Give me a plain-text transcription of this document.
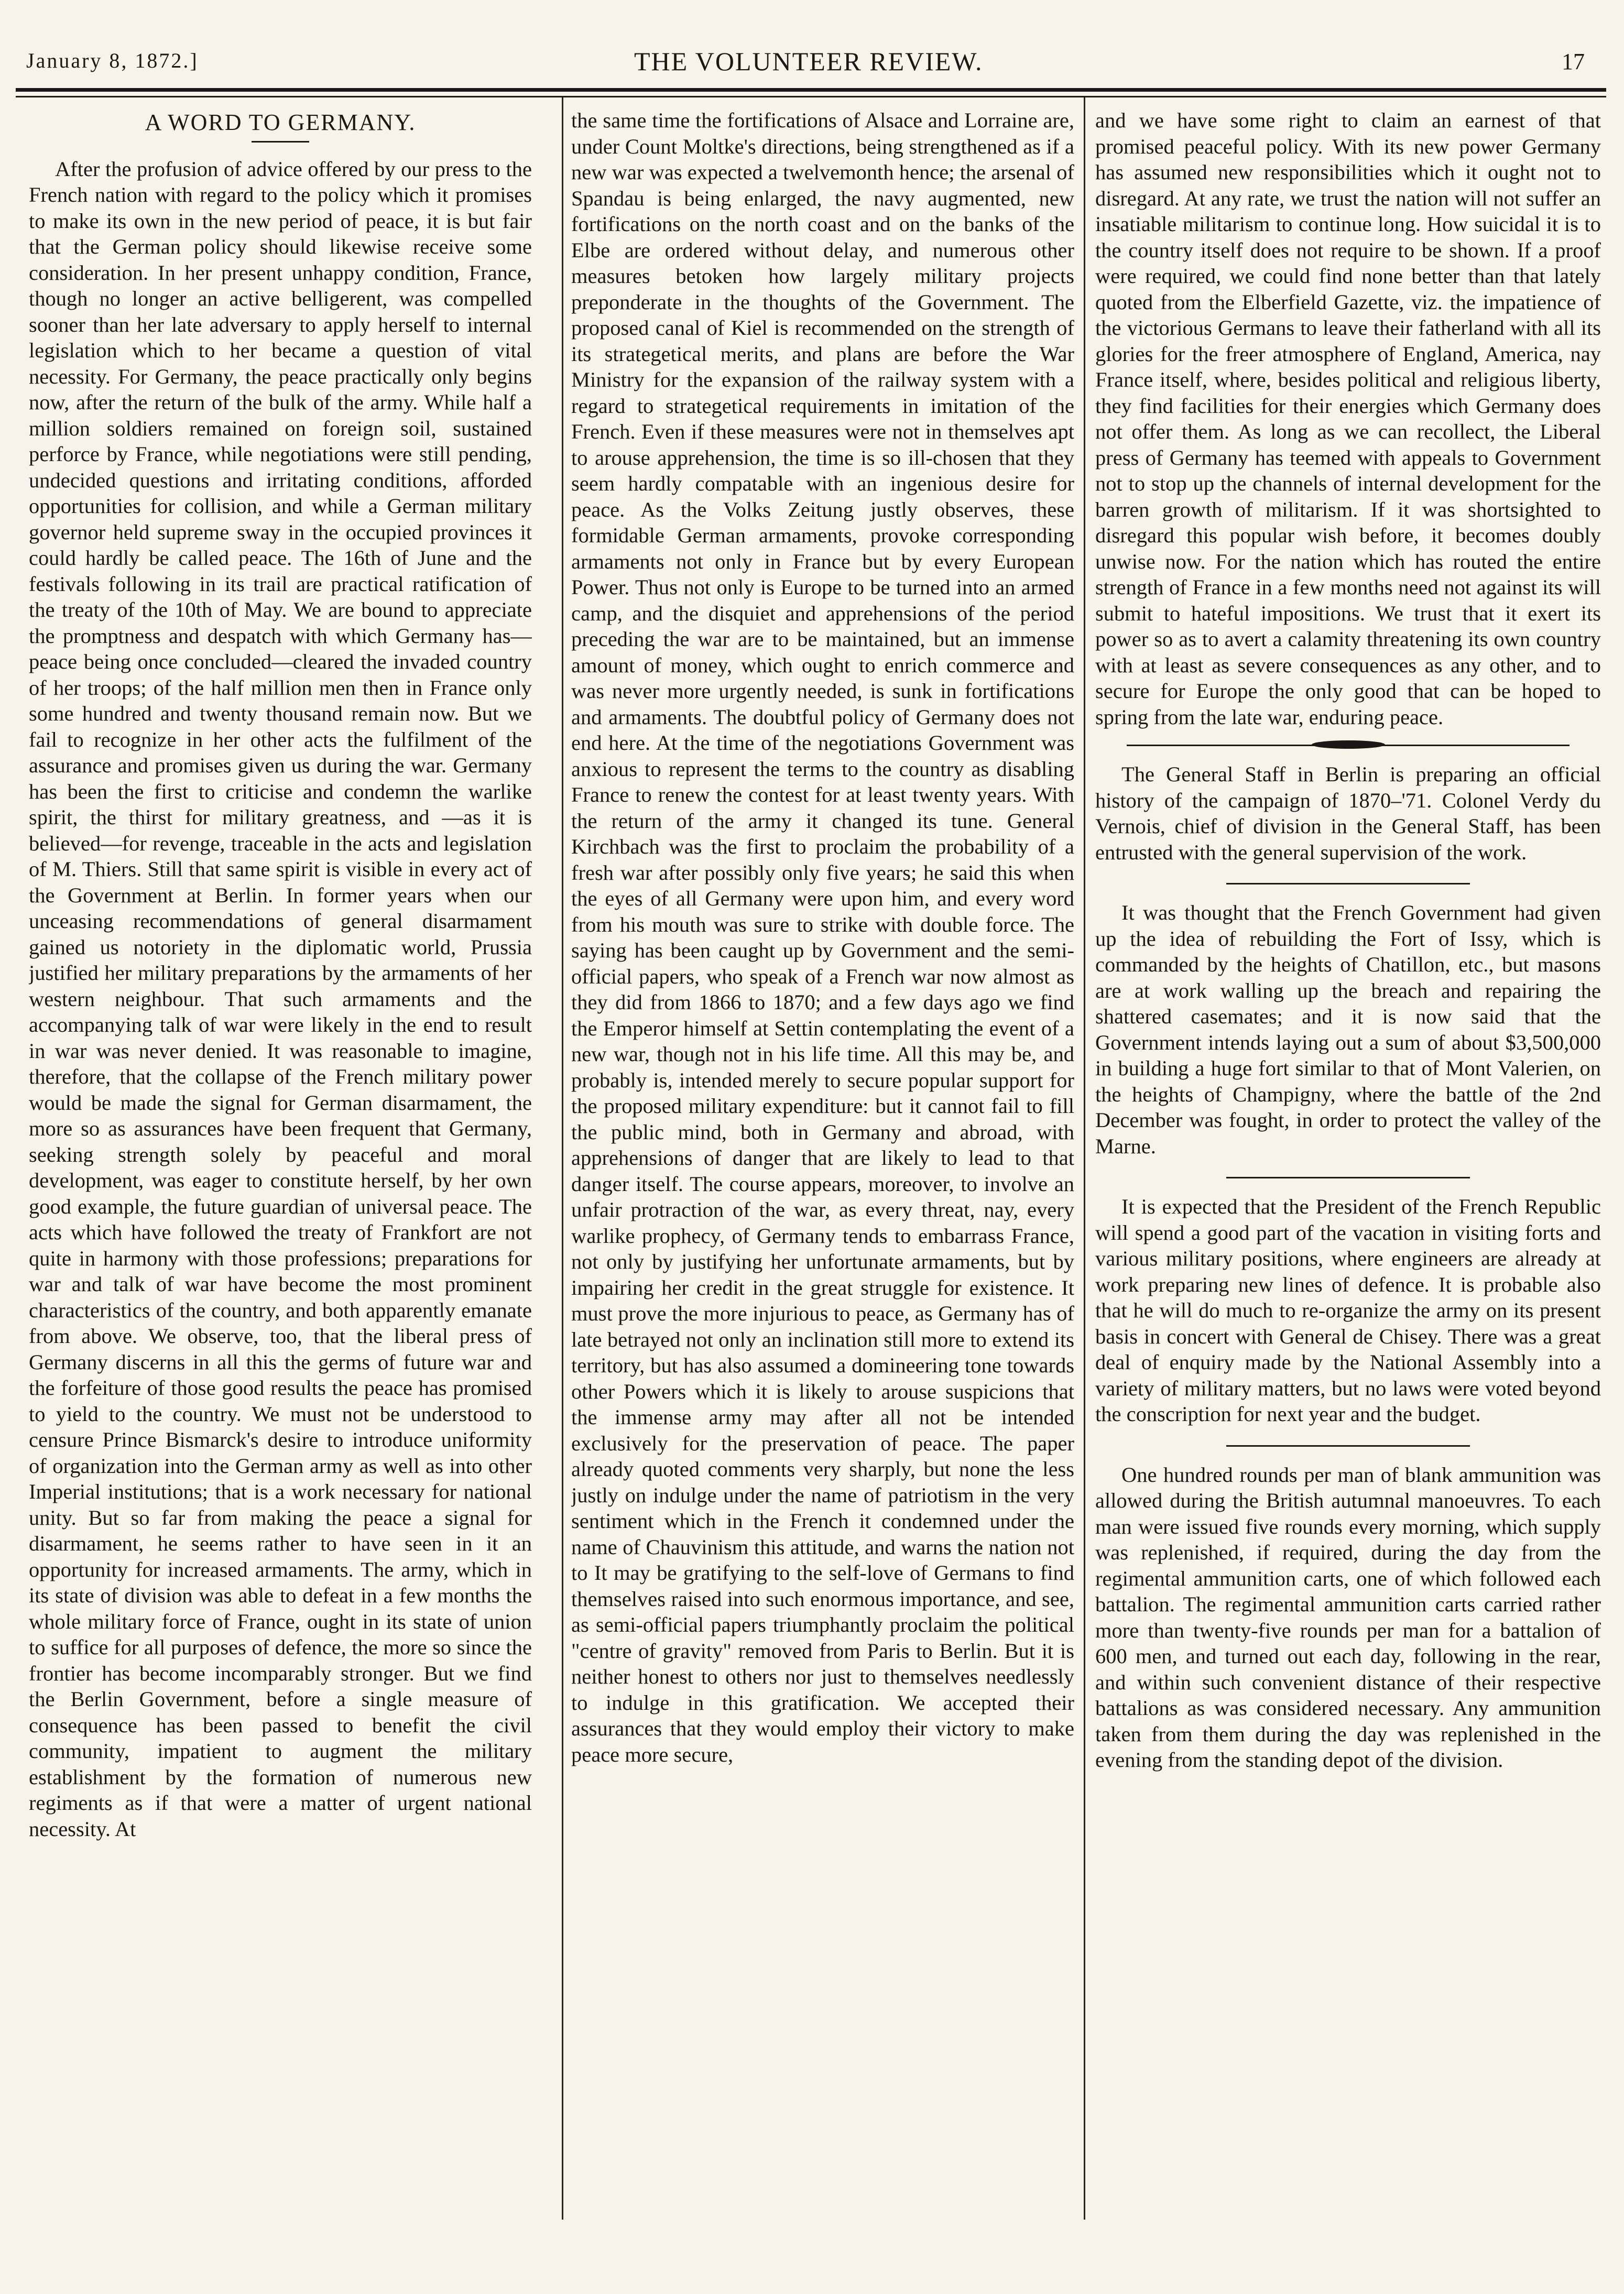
January 8, 1872.]	THE VOLUNTEER REVIEW.	17
A WORD TO GERMANY.

After the profusion of advice offered by our press to the French nation with regard to the policy which it promises to make its own in the new period of peace, it is but fair that the German policy should likewise receive some consideration. In her present unhappy condition, France, though no longer an active belligerent, was compelled sooner than her late adversary to apply herself to internal legislation which to her became a question of vital necessity. For Germany, the peace practically only begins now, after the return of the bulk of the army. While half a million soldiers remained on foreign soil, sustained perforce by France, while negotiations were still pending, undecided questions and irritating conditions, afforded opportunities for collision, and while a German military governor held supreme sway in the occupied provinces it could hardly be called peace. The 16th of June and the festivals following in its trail are practical ratification of the treaty of the 10th of May. We are bound to appreciate the promptness and despatch with which Germany has—peace being once concluded—cleared the invaded country of her troops; of the half million men then in France only some hundred and twenty thousand remain now. But we fail to recognize in her other acts the fulfilment of the assurance and promises given us during the war. Germany has been the first to criticise and condemn the warlike spirit, the thirst for military greatness, and —as it is believed—for revenge, traceable in the acts and legislation of M. Thiers. Still that same spirit is visible in every act of the Government at Berlin. In former years when our unceasing recommendations of general disarmament gained us notoriety in the diplomatic world, Prussia justified her military preparations by the armaments of her western neighbour. That such armaments and the accompanying talk of war were likely in the end to result in war was never denied. It was reasonable to imagine, therefore, that the collapse of the French military power would be made the signal for German disarmament, the more so as assurances have been frequent that Germany, seeking strength solely by peaceful and moral development, was eager to constitute herself, by her own good example, the future guardian of universal peace. The acts which have followed the treaty of Frankfort are not quite in harmony with those professions; preparations for war and talk of war have become the most prominent characteristics of the country, and both apparently emanate from above. We observe, too, that the liberal press of Germany discerns in all this the germs of future war and the forfeiture of those good results the peace has promised to yield to the country. We must not be understood to censure Prince Bismarck's desire to introduce uniformity of organization into the German army as well as into other Imperial institutions; that is a work necessary for national unity. But so far from making the peace a signal for disarmament, he seems rather to have seen in it an opportunity for increased armaments. The army, which in its state of division was able to defeat in a few months the whole military force of France, ought in its state of union to suffice for all purposes of defence, the more so since the frontier has become incomparably stronger. But we find the Berlin Government, before a single measure of consequence has been passed to benefit the civil community, impatient to augment the military establishment by the formation of numerous new regiments as if that were a matter of urgent national necessity. At

the same time the fortifications of Alsace and Lorraine are, under Count Moltke's directions, being strengthened as if a new war was expected a twelvemonth hence; the arsenal of Spandau is being enlarged, the navy augmented, new fortifications on the north coast and on the banks of the Elbe are ordered without delay, and numerous other measures betoken how largely military projects preponderate in the thoughts of the Government. The proposed canal of Kiel is recommended on the strength of its strategetical merits, and plans are before the War Ministry for the expansion of the railway system with a regard to strategetical requirements in imitation of the French. Even if these measures were not in themselves apt to arouse apprehension, the time is so ill-chosen that they seem hardly compatable with an ingenious desire for peace. As the Volks Zeitung justly observes, these formidable German armaments, provoke corresponding armaments not only in France but by every European Power. Thus not only is Europe to be turned into an armed camp, and the disquiet and apprehensions of the period preceding the war are to be maintained, but an immense amount of money, which ought to enrich commerce and was never more urgently needed, is sunk in fortifications and armaments. The doubtful policy of Germany does not end here. At the time of the negotiations Government was anxious to represent the terms to the country as disabling France to renew the contest for at least twenty years. With the return of the army it changed its tune. General Kirchbach was the first to proclaim the probability of a fresh war after possibly only five years; he said this when the eyes of all Germany were upon him, and every word from his mouth was sure to strike with double force. The saying has been caught up by Government and the semi-official papers, who speak of a French war now almost as they did from 1866 to 1870; and a few days ago we find the Emperor himself at Settin contemplating the event of a new war, though not in his life time. All this may be, and probably is, intended merely to secure popular support for the proposed military expenditure: but it cannot fail to fill the public mind, both in Germany and abroad, with apprehensions of danger that are likely to lead to that danger itself. The course appears, moreover, to involve an unfair protraction of the war, as every threat, nay, every warlike prophecy, of Germany tends to embarrass France, not only by justifying her unfortunate armaments, but by impairing her credit in the great struggle for existence. It must prove the more injurious to peace, as Germany has of late betrayed not only an inclination still more to extend its territory, but has also assumed a domineering tone towards other Powers which it is likely to arouse suspicions that the immense army may after all not be intended exclusively for the preservation of peace. The paper already quoted comments very sharply, but none the less justly on indulge under the name of patriotism in the very sentiment which in the French it condemned under the name of Chauvinism this attitude, and warns the nation not to It may be gratifying to the self-love of Germans to find themselves raised into such enormous importance, and see, as semi-official papers triumphantly proclaim the political "centre of gravity" removed from Paris to Berlin. But it is neither honest to others nor just to themselves needlessly to indulge in this gratification. We accepted their assurances that they would employ their victory to make peace more secure,

and we have some right to claim an earnest of that promised peaceful policy. With its new power Germany has assumed new responsibilities which it ought not to disregard. At any rate, we trust the nation will not suffer an insatiable militarism to continue long. How suicidal it is to the country itself does not require to be shown. If a proof were required, we could find none better than that lately quoted from the Elberfield Gazette, viz. the impatience of the victorious Germans to leave their fatherland with all its glories for the freer atmosphere of England, America, nay France itself, where, besides political and religious liberty, they find facilities for their energies which Germany does not offer them. As long as we can recollect, the Liberal press of Germany has teemed with appeals to Government not to stop up the channels of internal development for the barren growth of militarism. If it was shortsighted to disregard this popular wish before, it becomes doubly unwise now. For the nation which has routed the entire strength of France in a few months need not against its will submit to hateful impositions. We trust that it exert its power so as to avert a calamity threatening its own country with at least as severe consequences as any other, and to secure for Europe the only good that can be hoped to spring from the late war, enduring peace.

The General Staff in Berlin is preparing an official history of the campaign of 1870–'71. Colonel Verdy du Vernois, chief of division in the General Staff, has been entrusted with the general supervision of the work.

It was thought that the French Government had given up the idea of rebuilding the Fort of Issy, which is commanded by the heights of Chatillon, etc., but masons are at work walling up the breach and repairing the shattered casemates; and it is now said that the Government intends laying out a sum of about $3,500,000 in building a huge fort similar to that of Mont Valerien, on the heights of Champigny, where the battle of the 2nd December was fought, in order to protect the valley of the Marne.

It is expected that the President of the French Republic will spend a good part of the vacation in visiting forts and various military positions, where engineers are already at work preparing new lines of defence. It is probable also that he will do much to re-organize the army on its present basis in concert with General de Chisey. There was a great deal of enquiry made by the National Assembly into a variety of military matters, but no laws were voted beyond the conscription for next year and the budget.

One hundred rounds per man of blank ammunition was allowed during the British autumnal manoeuvres. To each man were issued five rounds every morning, which supply was replenished, if required, during the day from the regimental ammunition carts, one of which followed each battalion. The regimental ammunition carts carried rather more than twenty-five rounds per man for a battalion of 600 men, and turned out each day, following in the rear, and within such convenient distance of their respective battalions as was considered necessary. Any ammunition taken from them during the day was replenished in the evening from the standing depot of the division.
